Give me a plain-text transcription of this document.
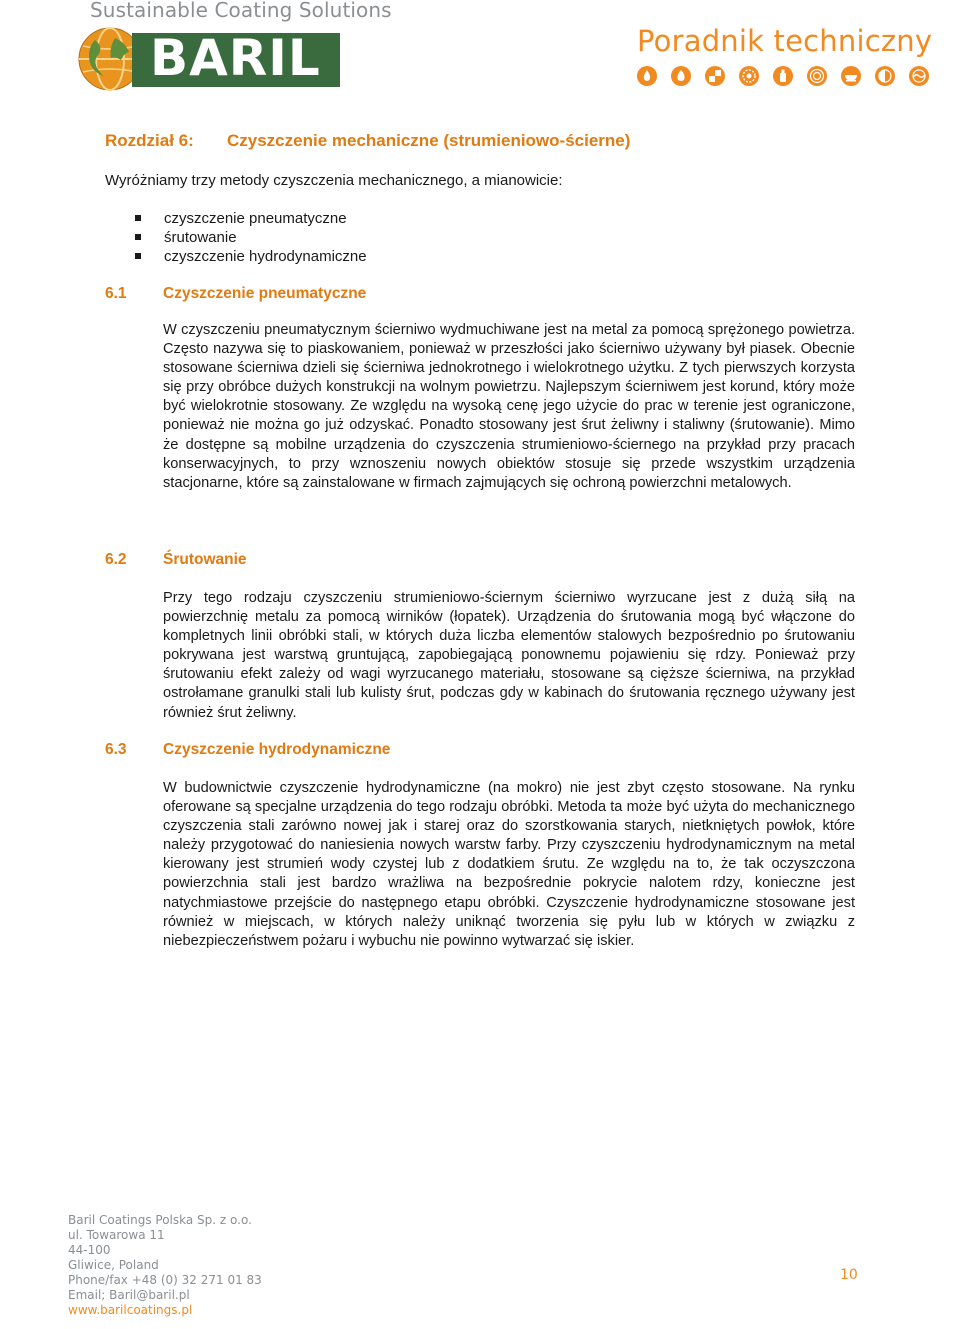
Sustainable Coating Solutions
BARIL	Poradnik techniczny
Rozdział 6: Czyszczenie mechaniczne (strumieniowo-ścierne)
Wyróżniamy trzy metody czyszczenia mechanicznego, a mianowicie:
czyszczenie pneumatyczne
śrutowanie
czyszczenie hydrodynamiczne
6.1 Czyszczenie pneumatyczne
W czyszczeniu pneumatycznym ścierniwo wydmuchiwane jest na metal za pomocą sprężonego powietrza. Często nazywa się to piaskowaniem, ponieważ w przeszłości jako ścierniwo używany był piasek. Obecnie stosowane ścierniwa dzieli się ścierniwa jednokrotnego i wielokrotnego użytku. Z tych pierwszych korzysta się przy obróbce dużych konstrukcji na wolnym powietrzu. Najlepszym ścierniwem jest korund, który może być wielokrotnie stosowany. Ze względu na wysoką cenę jego użycie do prac w terenie jest ograniczone, ponieważ nie można go już odzyskać. Ponadto stosowany jest śrut żeliwny i staliwny (śrutowanie). Mimo że dostępne są mobilne urządzenia do czyszczenia strumieniowo-ściernego na przykład przy pracach konserwacyjnych, to przy wznoszeniu nowych obiektów stosuje się przede wszystkim urządzenia stacjonarne, które są zainstalowane w firmach zajmujących się ochroną powierzchni metalowych.
6.2 Śrutowanie
Przy tego rodzaju czyszczeniu strumieniowo-ściernym ścierniwo wyrzucane jest z dużą siłą na powierzchnię metalu za pomocą wirników (łopatek). Urządzenia do śrutowania mogą być włączone do kompletnych linii obróbki stali, w których duża liczba elementów stalowych bezpośrednio po śrutowaniu pokrywana jest warstwą gruntującą, zapobiegającą ponownemu pojawieniu się rdzy. Ponieważ przy śrutowaniu efekt zależy od wagi wyrzucanego materiału, stosowane są cięższe ścierniwa, na przykład ostrołamane granulki stali lub kulisty śrut, podczas gdy w kabinach do śrutowania ręcznego używany jest również śrut żeliwny.
6.3 Czyszczenie hydrodynamiczne
W budownictwie czyszczenie hydrodynamiczne (na mokro) nie jest zbyt często stosowane. Na rynku oferowane są specjalne urządzenia do tego rodzaju obróbki. Metoda ta może być użyta do mechanicznego czyszczenia stali zarówno nowej jak i starej oraz do szorstkowania starych, nietkniętych powłok, które należy przygotować do naniesienia nowych warstw farby. Przy czyszczeniu hydrodynamicznym na metal kierowany jest strumień wody czystej lub z dodatkiem śrutu. Ze względu na to, że tak oczyszczona powierzchnia stali jest bardzo wrażliwa na bezpośrednie pokrycie nalotem rdzy, konieczne jest natychmiastowe przejście do następnego etapu obróbki. Czyszczenie hydrodynamiczne stosowane jest również w miejscach, w których należy uniknąć tworzenia się pyłu lub w których w związku z niebezpieczeństwem pożaru i wybuchu nie powinno wytwarzać się iskier.
Baril Coatings Polska Sp. z o.o.
ul. Towarowa 11
44-100
Gliwice, Poland
Phone/fax +48 (0) 32 271 01 83
Email; Baril@baril.pl
www.barilcoatings.pl
10
